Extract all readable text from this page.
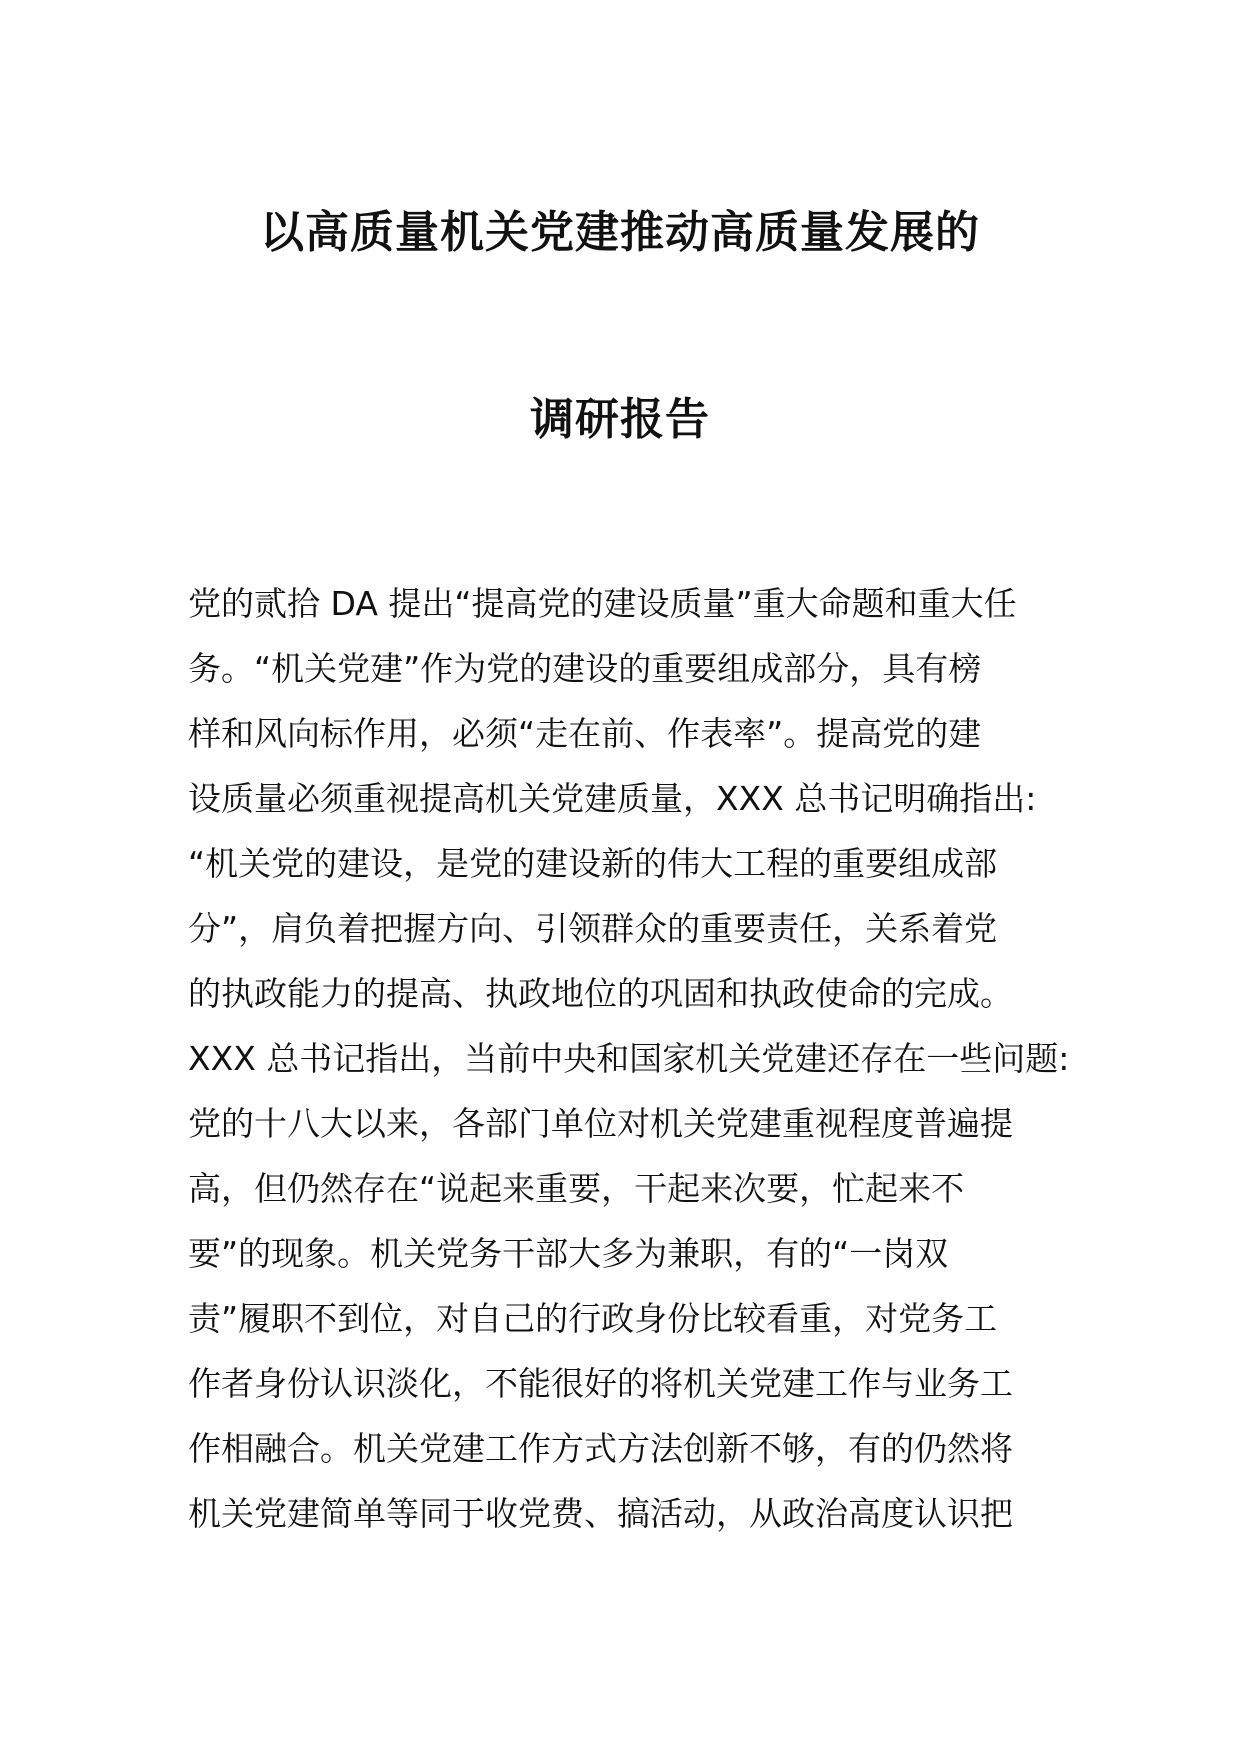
以高质量机关党建推动高质量发展的
调研报告
党的贰拾 DA 提出“提高党的建设质量”重大命题和重大任
务。“机关党建”作为党的建设的重要组成部分，具有榜
样和风向标作用，必须“走在前、作表率”。提高党的建
设质量必须重视提高机关党建质量，XXX 总书记明确指出:
“机关党的建设，是党的建设新的伟大工程的重要组成部
分”，肩负着把握方向、引领群众的重要责任，关系着党
的执政能力的提高、执政地位的巩固和执政使命的完成。
XXX 总书记指出，当前中央和国家机关党建还存在一些问题:
党的十八大以来，各部门单位对机关党建重视程度普遍提
高，但仍然存在“说起来重要，干起来次要，忙起来不
要”的现象。机关党务干部大多为兼职，有的“一岗双
责”履职不到位，对自己的行政身份比较看重，对党务工
作者身份认识淡化，不能很好的将机关党建工作与业务工
作相融合。机关党建工作方式方法创新不够，有的仍然将
机关党建简单等同于收党费、搞活动，从政治高度认识把
